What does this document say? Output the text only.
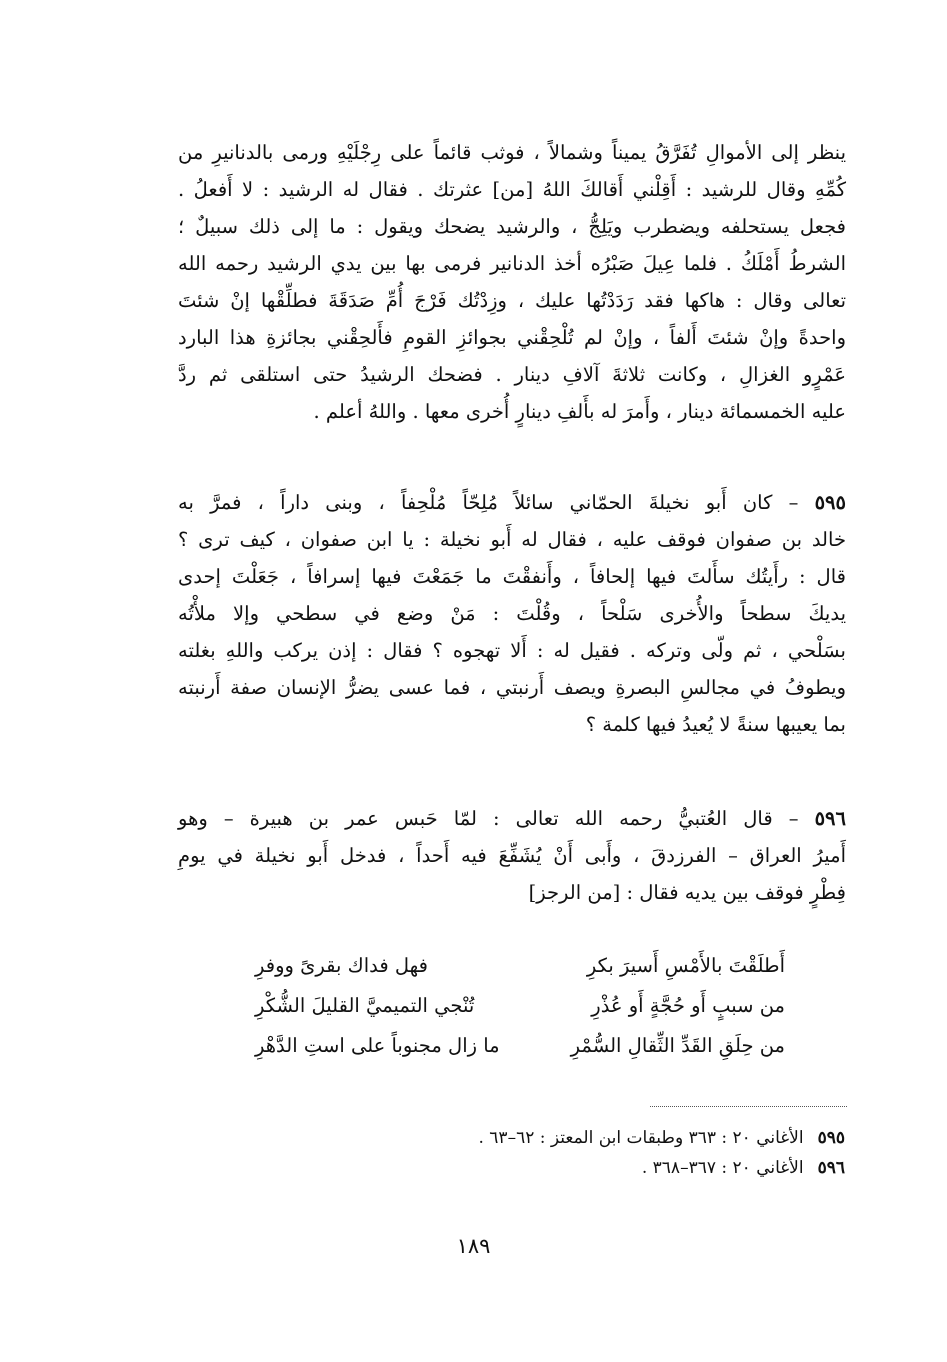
ينظر إلى الأموالِ تُفَرَّقُ يميناً وشمالاً ، فوثب قائماً على رِجْلَيْهِ ورمى بالدنانيرِ من
كُمِّهِ وقال للرشيد : أَقِلْني أَقالكَ اللهُ [من] عثرتك . فقال له الرشيد : لا أَفعلُ .
فجعل يستحلفه ويضطرب ويَلِجُّ ، والرشيد يضحك ويقول : ما إلى ذلك سبيلٌ ؛
الشرطُ أَمْلَكُ . فلما عِيلَ صَبْرُه أخذ الدنانير فرمى بها بين يدي الرشيد رحمه الله
تعالى وقال : هاكها فقد رَدَدْتُها عليك ، وزِدْتُك فَرْجَ أُمِّ صَدَقَةَ فطلِّقْها إنْ شئتَ
واحدةً وإنْ شئتَ أَلفاً ، وإنْ لم تُلْحِقْني بجوائزِ القومِ فأَلحِقْني بجائزةِ هذا البارد
عَمْرٍو الغزالِ ، وكانت ثلاثةَ آلافِ دينار . فضحك الرشيدُ حتى استلقى ثم ردَّ
عليه الخمسمائة دينار ، وأَمرَ له بأَلفِ دينارٍ أُخرى معها . واللهُ أعلم .
٥٩٥ – كان أَبو نخيلةَ الحمّاني سائلاً مُلِحّاً مُلْحِفاً ، وبنى داراً ، فمرَّ به
خالد بن صفوان فوقف عليه ، فقال له أَبو نخيلة : يا ابن صفوان ، كيف ترى ؟
قال : رأَيتُك سأَلتَ فيها إلحافاً ، وأَنفقْتَ ما جَمَعْتَ فيها إسرافاً ، جَعَلْتَ إحدى
يديكَ سطحاً والأُخرى سَلْحاً ، وقُلْتَ : مَنْ وضع في سطحي وإلا ملأْتُه
بسَلْحي ، ثم ولّى وتركه . فقيل له : أَلا تهجوه ؟ فقال : إذن يركب واللهِ بغلته
ويطوفُ في مجالسِ البصرةِ ويصف أَرنبتي ، فما عسى يضرُّ الإنسان صفة أَرنبته
بما يعيبها سنةً لا يُعيدُ فيها كلمة ؟
٥٩٦ – قال العُتبيُّ رحمه الله تعالى : لمّا حَبس عمر بن هبيرة – وهو
أَميرُ العراق – الفرزدقَ ، وأَبى أَنْ يُشَفِّعَ فيه أَحداً ، فدخل أَبو نخيلة في يومِ
فِطْرٍ فوقف بين يديه فقال : [من الرجز]
أَطلَقْتَ بالأَمْسِ أَسيرَ بكرِ
فهل فداك بقرىً ووفرِ
من سببٍ أَو حُجَّةٍ أَو عُذْرِ
تُنْجي التميميَّ القليلَ الشُّكْرِ
من حِلَقِ القَدِّ الثِّقالِ السُّمْرِ
ما زال مجنوباً على استِ الدَّهْرِ
٥٩٥الأغاني ٢٠ : ٣٦٣ وطبقات ابن المعتز : ٦٢–٦٣ .
٥٩٦الأغاني ٢٠ : ٣٦٧–٣٦٨ .
١٨٩
